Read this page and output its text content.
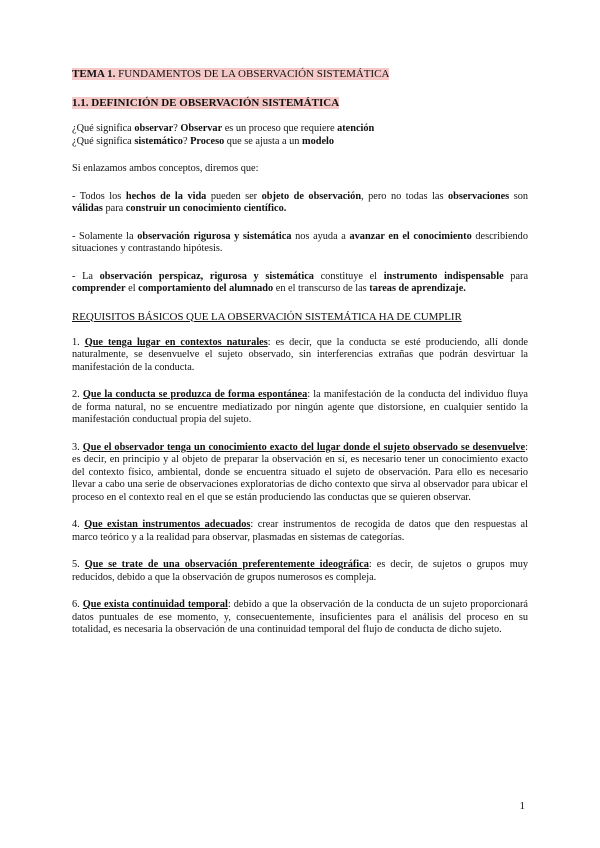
TEMA 1. FUNDAMENTOS DE LA OBSERVACIÓN SISTEMÁTICA
1.1. DEFINICIÓN DE OBSERVACIÓN SISTEMÁTICA

¿Qué significa observar? Observar es un proceso que requiere atención

¿Qué significa sistemático? Proceso que se ajusta a un modelo

Si enlazamos ambos conceptos, diremos que:

- Todos los hechos de la vida pueden ser objeto de observación, pero no todas las observaciones son válidas para construir un conocimiento científico.

- Solamente la observación rigurosa y sistemática nos ayuda a avanzar en el conocimiento describiendo situaciones y contrastando hipótesis.

- La observación perspicaz, rigurosa y sistemática constituye el instrumento indispensable para comprender el comportamiento del alumnado en el transcurso de las tareas de aprendizaje.

REQUISITOS BÁSICOS QUE LA OBSERVACIÓN SISTEMÁTICA HA DE CUMPLIR

1. Que tenga lugar en contextos naturales: es decir, que la conducta se esté produciendo, allí donde naturalmente, se desenvuelve el sujeto observado, sin interferencias extrañas que podrán desvirtuar la manifestación de la conducta.

2. Que la conducta se produzca de forma espontánea: la manifestación de la conducta del individuo fluya de forma natural, no se encuentre mediatizado por ningún agente que distorsione, en cualquier sentido la manifestación conductual propia del sujeto.

3. Que el observador tenga un conocimiento exacto del lugar donde el sujeto observado se desenvuelve: es decir, en principio y al objeto de preparar la observación en sí, es necesario tener un conocimiento exacto del contexto físico, ambiental, donde se encuentra situado el sujeto de observación. Para ello es necesario llevar a cabo una serie de observaciones exploratorias de dicho contexto que sirva al observador para ubicar el proceso en el contexto real en el que se están produciendo las conductas que se quieren observar.

4. Que existan instrumentos adecuados: crear instrumentos de recogida de datos que den respuestas al marco teórico y a la realidad para observar, plasmadas en sistemas de categorías.

5. Que se trate de una observación preferentemente ideográfica: es decir, de sujetos o grupos muy reducidos, debido a que la observación de grupos numerosos es compleja.

6. Que exista continuidad temporal: debido a que la observación de la conducta de un sujeto proporcionará datos puntuales de ese momento, y, consecuentemente, insuficientes para el análisis del proceso en su totalidad, es necesaria la observación de una continuidad temporal del flujo de conducta de dicho sujeto.

1
